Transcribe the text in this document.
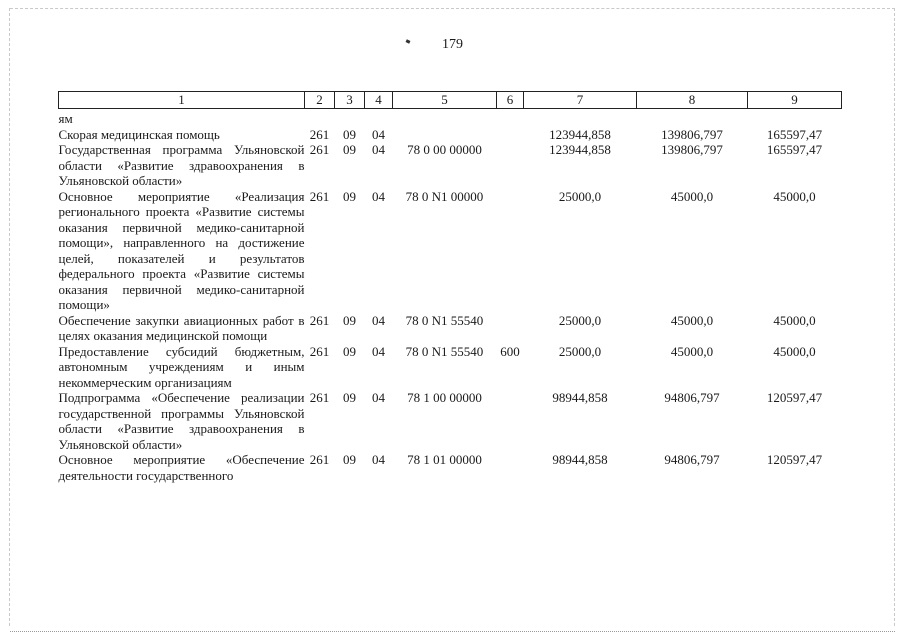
179
1	2	3	4	5	6	7	8	9
ям								
Скорая медицинская помощь	261	09	04			123944,858	139806,797	165597,47
Государственная программа Ульяновской области «Развитие здравоохранения в Ульяновской области»	261	09	04	78 0 00 00000		123944,858	139806,797	165597,47
Основное мероприятие «Реализация регионального проекта «Развитие системы оказания первичной медико-санитарной помощи», направленного на достижение целей, показателей и результатов федерального проекта «Развитие системы оказания первичной медико-санитарной помощи»	261	09	04	78 0 N1 00000		25000,0	45000,0	45000,0
Обеспечение закупки авиационных работ в целях оказания медицинской помощи	261	09	04	78 0 N1 55540		25000,0	45000,0	45000,0
Предоставление субсидий бюджетным, автономным учреждениям и иным некоммерческим организациям	261	09	04	78 0 N1 55540	600	25000,0	45000,0	45000,0
Подпрограмма «Обеспечение реализации государственной программы Ульяновской области «Развитие здравоохранения в Ульяновской области»	261	09	04	78 1 00 00000		98944,858	94806,797	120597,47
Основное мероприятие «Обеспечение деятельности государственного	261	09	04	78 1 01 00000		98944,858	94806,797	120597,47
